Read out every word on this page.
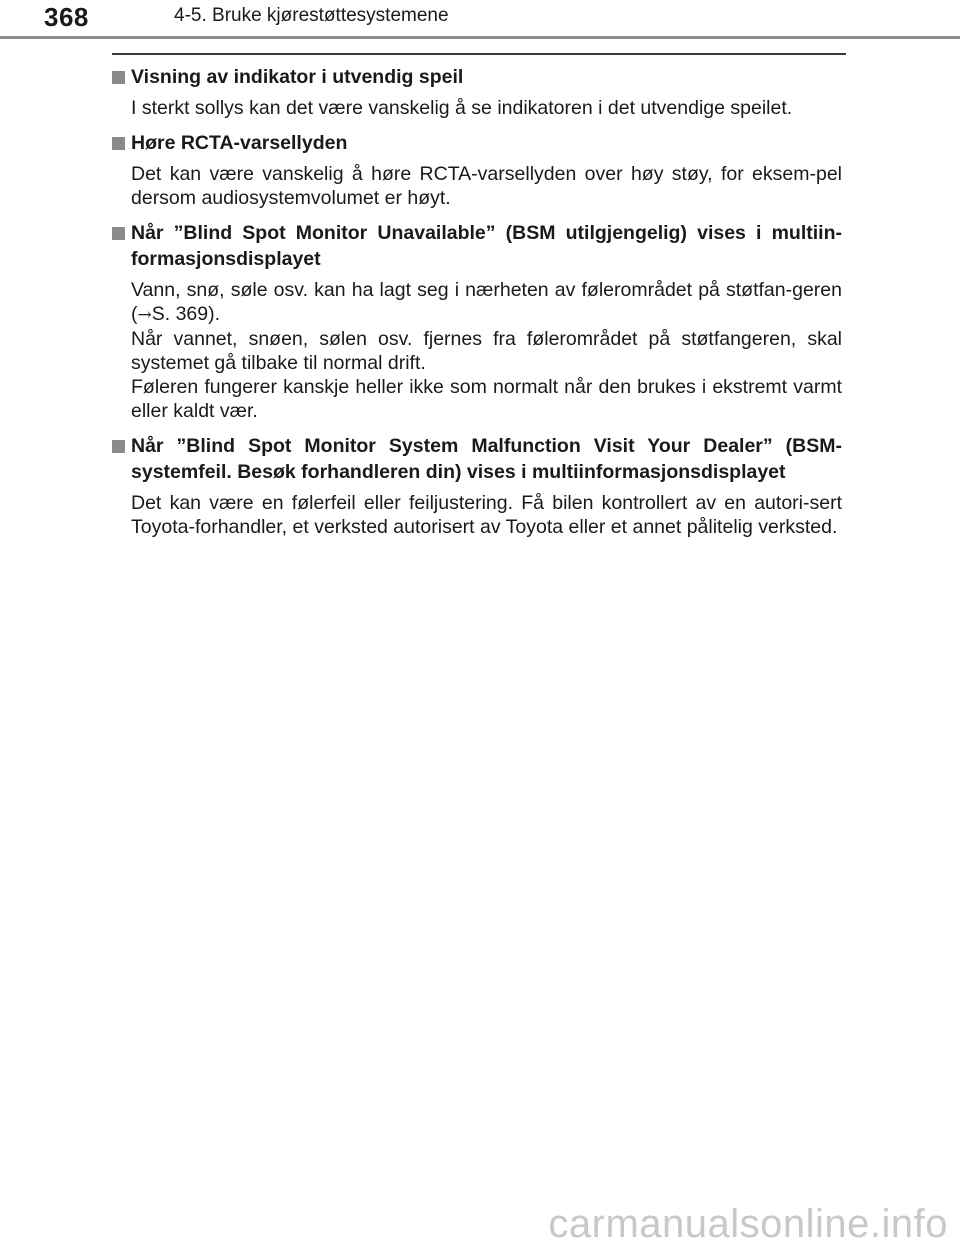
368	4-5. Bruke kjørestøttesystemene
Visning av indikator i utvendig speil

I sterkt sollys kan det være vanskelig å se indikatoren i det utvendige speilet.

Høre RCTA-varsellyden

Det kan være vanskelig å høre RCTA-varsellyden over høy støy, for eksem-pel dersom audiosystemvolumet er høyt.

Når ”Blind Spot Monitor Unavailable” (BSM utilgjengelig) vises i multiin-formasjonsdisplayet

Vann, snø, søle osv. kan ha lagt seg i nærheten av følerområdet på støtfan-geren (→S. 369).

Når vannet, snøen, sølen osv. fjernes fra følerområdet på støtfangeren, skal systemet gå tilbake til normal drift.

Føleren fungerer kanskje heller ikke som normalt når den brukes i ekstremt varmt eller kaldt vær.

Når ”Blind Spot Monitor System Malfunction Visit Your Dealer” (BSM-systemfeil. Besøk forhandleren din) vises i multiinformasjonsdisplayet

Det kan være en følerfeil eller feiljustering. Få bilen kontrollert av en autori-sert Toyota-forhandler, et verksted autorisert av Toyota eller et annet pålitelig verksted.

carmanualsonline.info
